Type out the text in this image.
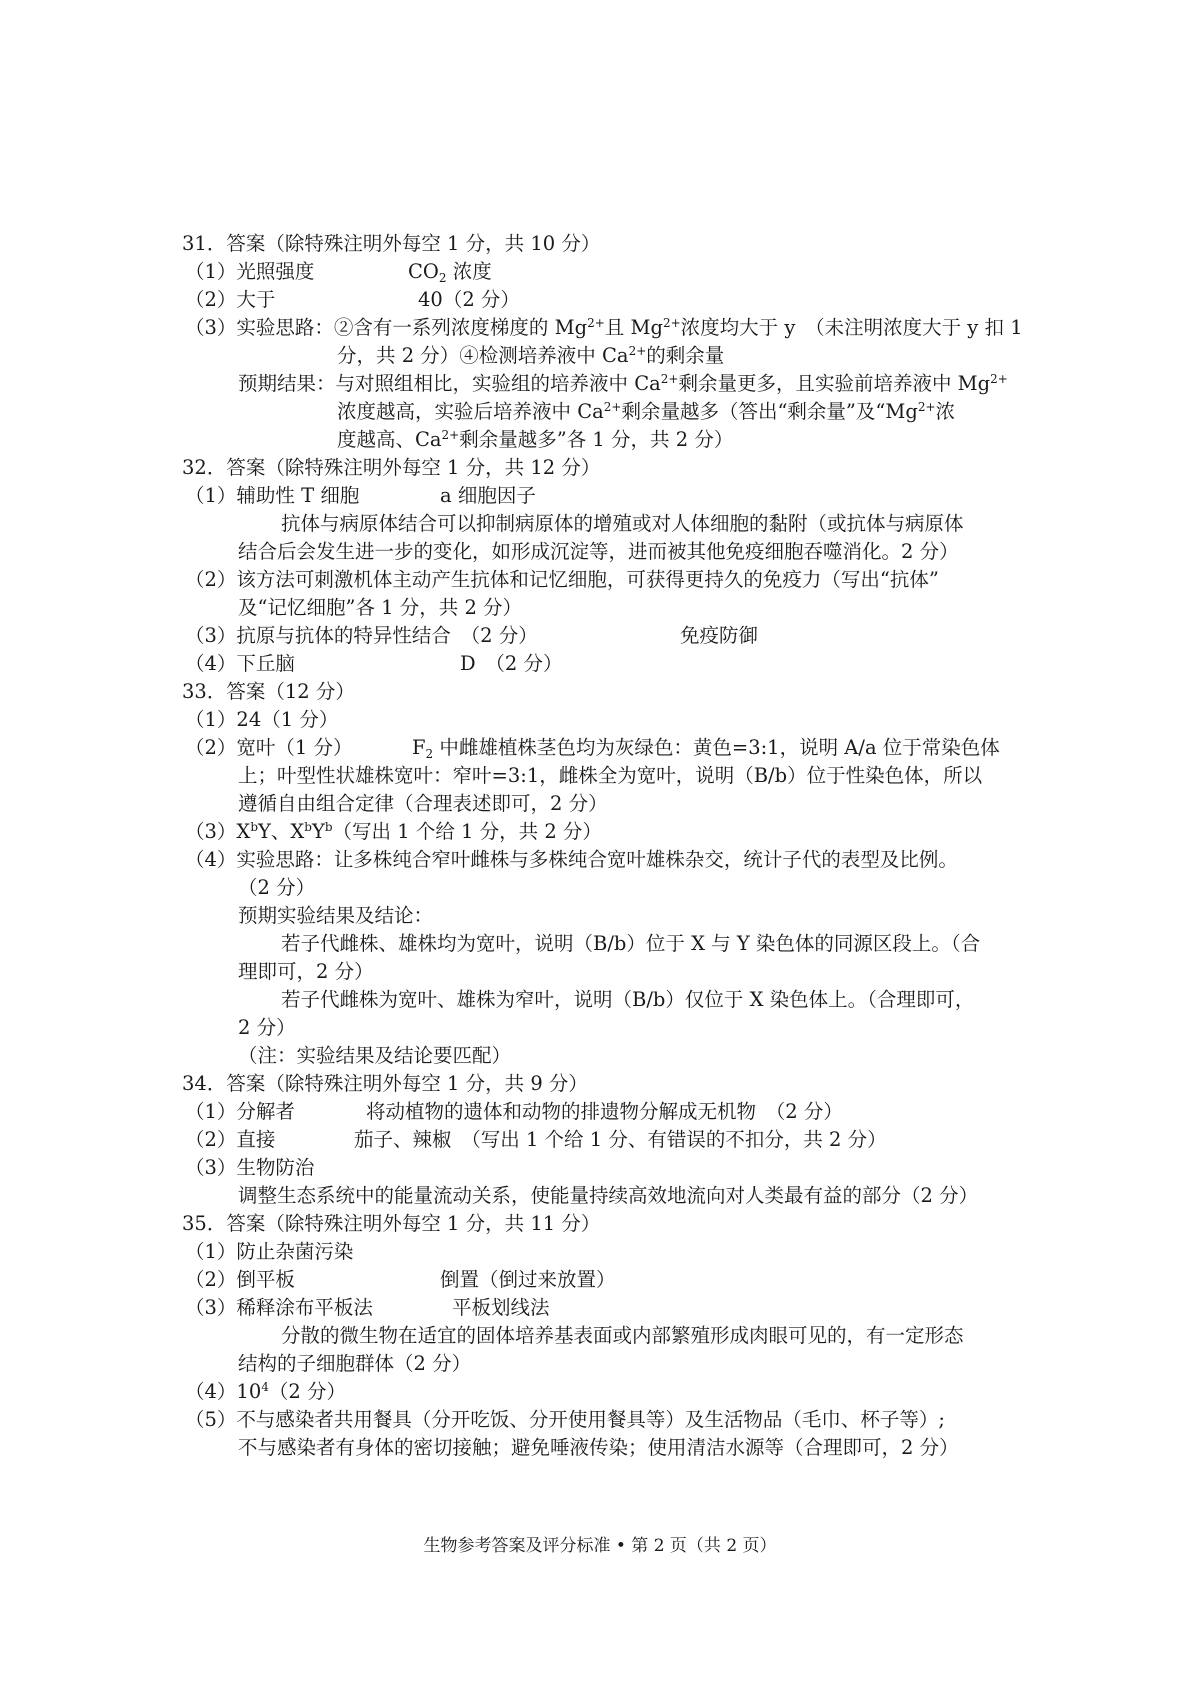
31．答案（除特殊注明外每空 1 分，共 10 分）
（1）光照强度	$CO_2$ 浓度
（2）大于	40（2 分）
（3）实验思路：②含有一系列浓度梯度的 $Mg^{2+}$且 $Mg^{2+}$浓度均大于 y　（未注明浓度大于 y 扣 1
分，共 2 分）④检测培养液中 $Ca^{2+}$的剩余量
预期结果：与对照组相比，实验组的培养液中 $Ca^{2+}$剩余量更多，且实验前培养液中 $Mg^{2+}$
浓度越高，实验后培养液中 $Ca^{2+}$剩余量越多（答出“剩余量”及“$Mg^{2+}$浓
度越高、$Ca^{2+}$剩余量越多”各 1 分，共 2 分）
32．答案（除特殊注明外每空 1 分，共 12 分）
（1）辅助性 T 细胞	a 细胞因子
抗体与病原体结合可以抑制病原体的增殖或对人体细胞的黏附（或抗体与病原体
结合后会发生进一步的变化，如形成沉淀等，进而被其他免疫细胞吞噬消化。2 分）
（2）该方法可刺激机体主动产生抗体和记忆细胞，可获得更持久的免疫力（写出“抗体”
及“记忆细胞”各 1 分，共 2 分）
（3）抗原与抗体的特异性结合　（2 分）	免疫防御
（4）下丘脑	D　（2 分）
33．答案（12 分）
（1）24（1 分）
（2）宽叶（1 分）	$F_2$ 中雌雄植株茎色均为灰绿色：黄色=3:1，说明 A/a 位于常染色体
上；叶型性状雄株宽叶：窄叶=3:1，雌株全为宽叶，说明（B/b）位于性染色体，所以
遵循自由组合定律（合理表述即可，2 分）
$(3)X^bY$、$X^bY^b$（写出 1 个给 1 分，共 2 分）
（4）实验思路：让多株纯合窄叶雌株与多株纯合宽叶雄株杂交，统计子代的表型及比例。
（2 分）
预期实验结果及结论：
若子代雌株、雄株均为宽叶，说明（B/b）位于 X 与 Y 染色体的同源区段上。（合
理即可，2 分）
若子代雌株为宽叶、雄株为窄叶，说明（B/b）仅位于 X 染色体上。（合理即可，
2 分）
（注：实验结果及结论要匹配）
34．答案（除特殊注明外每空 1 分，共 9 分）
（1）分解者	将动植物的遗体和动物的排遗物分解成无机物　（2 分）
（2）直接	茄子、辣椒　（写出 1 个给 1 分、有错误的不扣分，共 2 分）
（3）生物防治
调整生态系统中的能量流动关系，使能量持续高效地流向对人类最有益的部分（2 分）
35．答案（除特殊注明外每空 1 分，共 11 分）
（1）防止杂菌污染
（2）倒平板	倒置（倒过来放置）
（3）稀释涂布平板法	平板划线法
分散的微生物在适宜的固体培养基表面或内部繁殖形成肉眼可见的，有一定形态
结构的子细胞群体（2 分）
$(4)10^4(2$ 分）
（5）不与感染者共用餐具（分开吃饭、分开使用餐具等）及生活物品（毛巾、杯子等）;
不与感染者有身体的密切接触；避免唾液传染；使用清洁水源等（合理即可，2 分）
生物参考答案及评分标准 • 第 2 页（共 2 页）
